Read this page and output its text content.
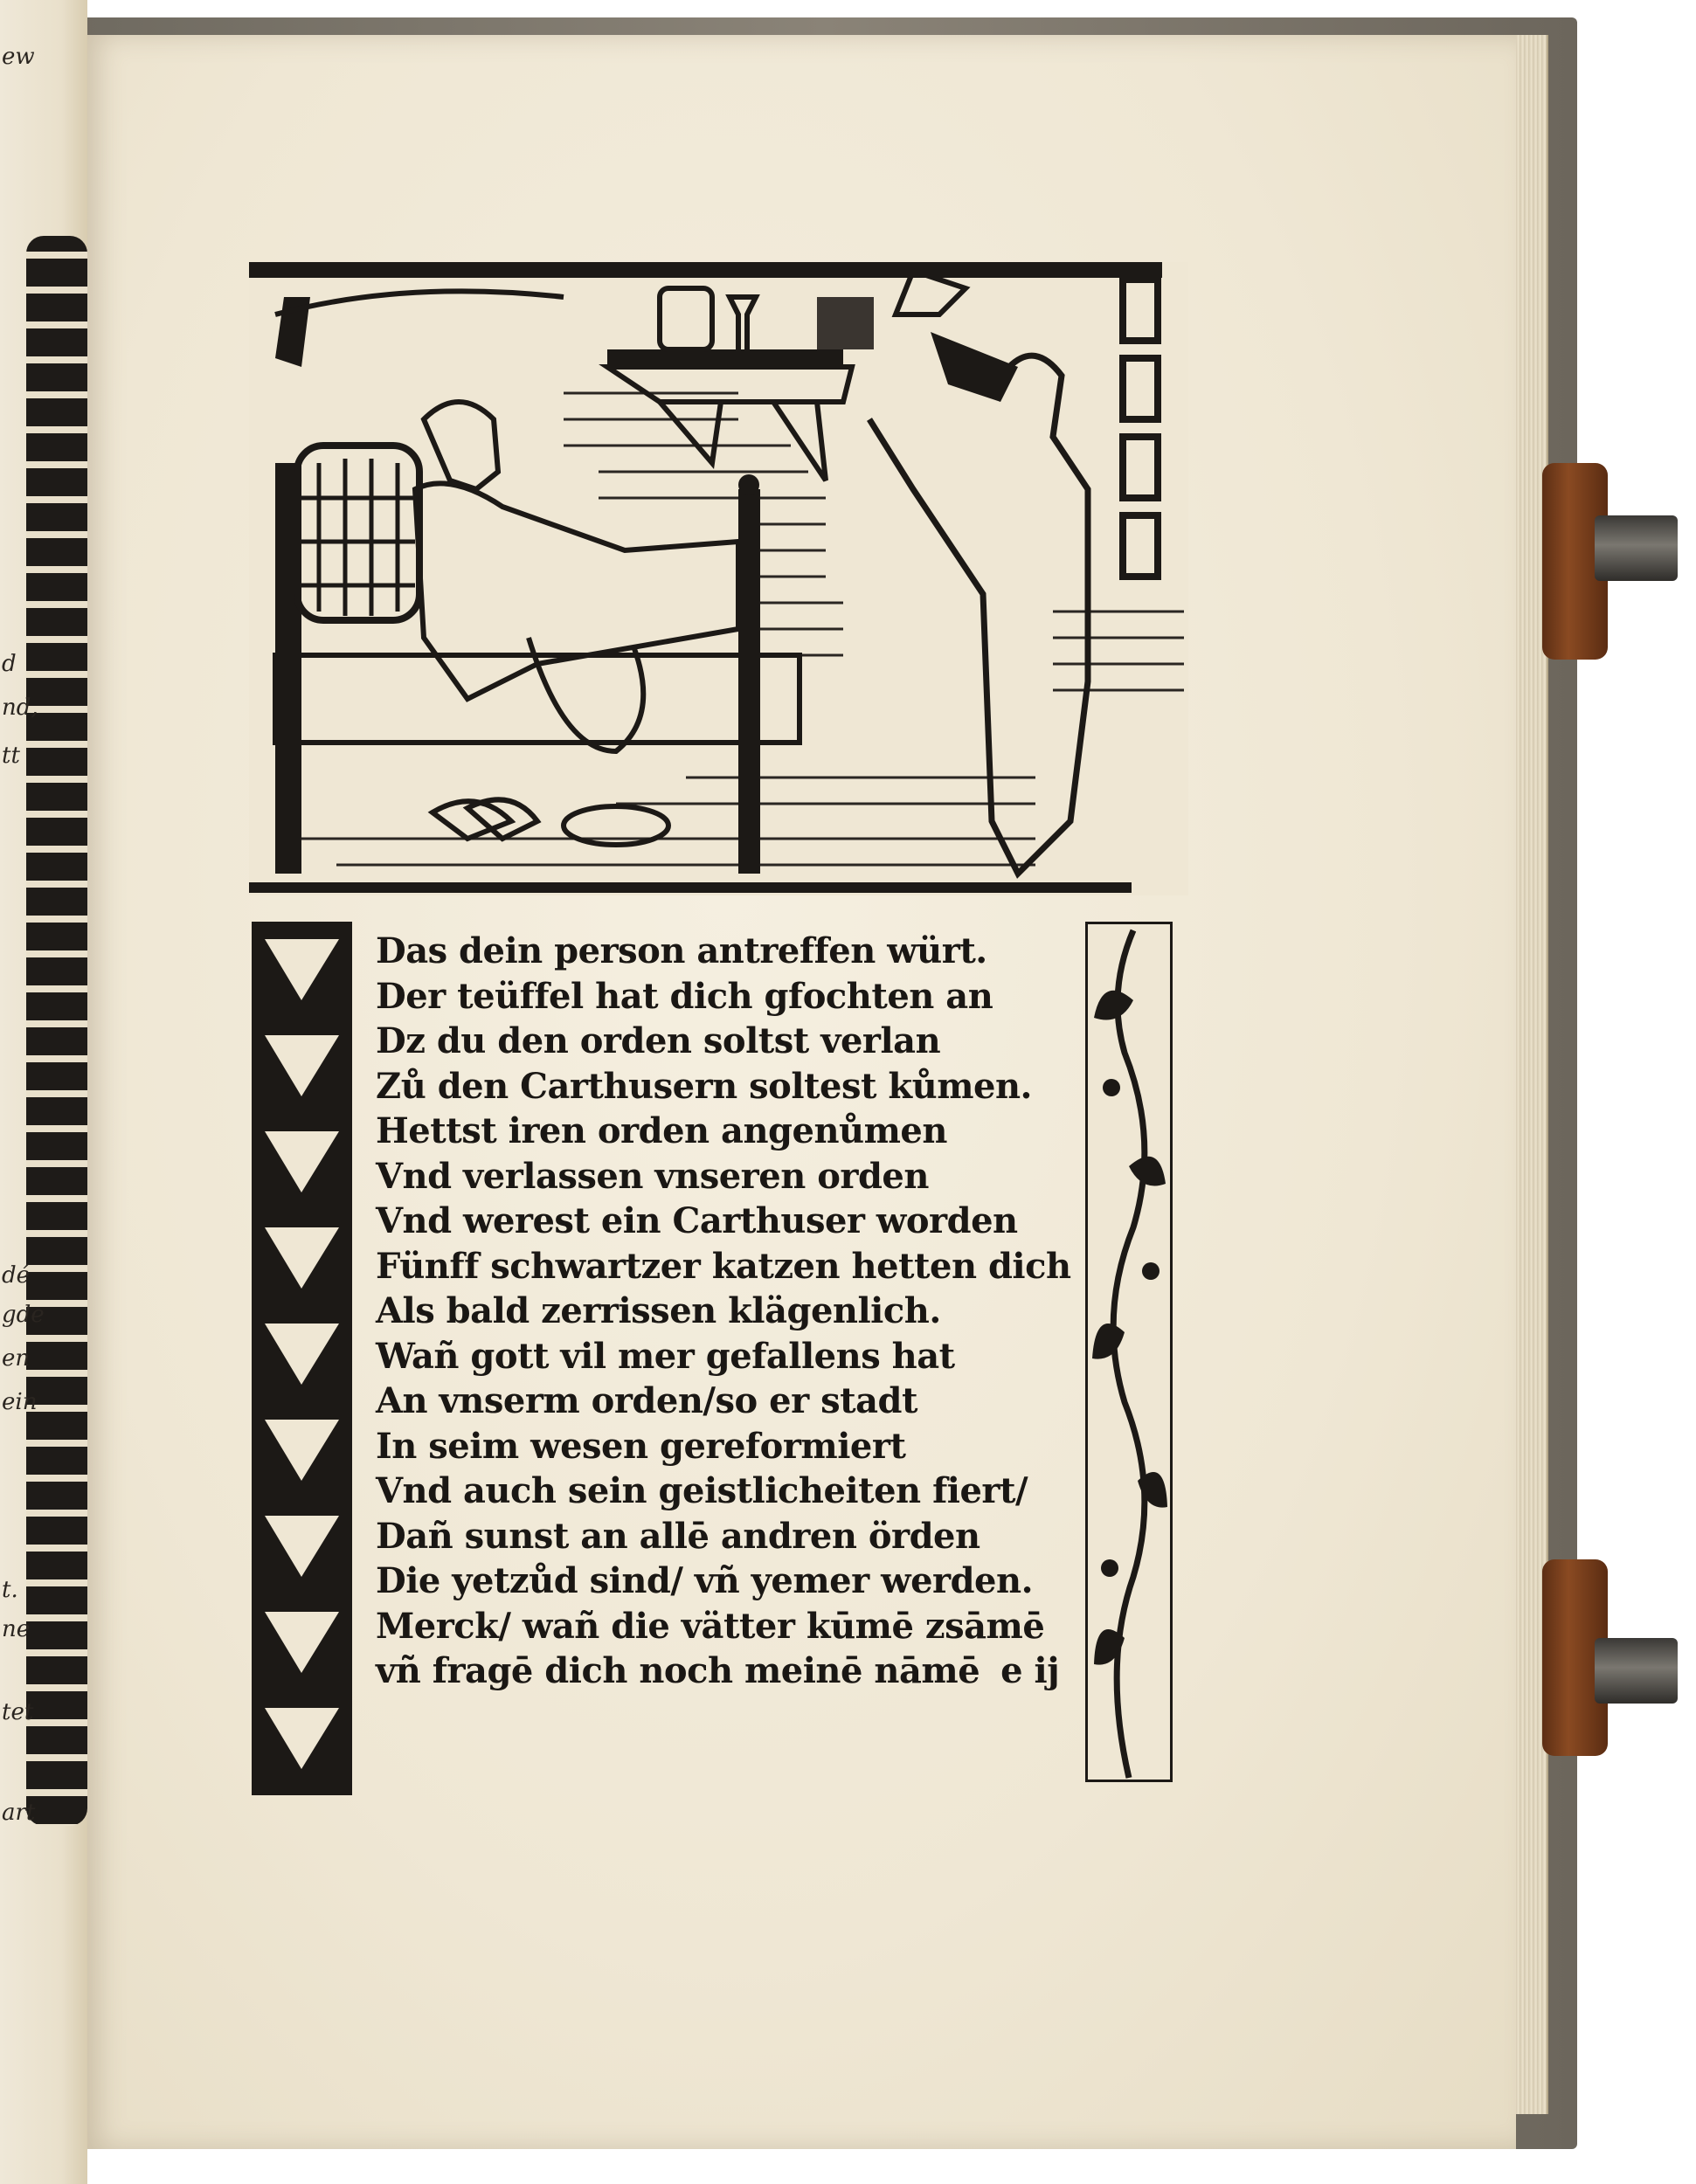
ew
d
nd,
tt
dé
gde
en
ein
t.
ne
tet
art
Das dein person antreffen würt.
Der teüffel hat dich gfochten an
Dz du den orden soltst verlan
Zů den Carthusern soltest kůmen.
Hettst iren orden angenůmen
Vnd verlassen vnseren orden
Vnd werest ein Carthuser worden
Fünff schwartzer katzen hetten dich
Als bald zerrissen klägenlich.
Wañ gott vil mer gefallens hat
An vnserm orden/so er stadt
In seim wesen gereformiert
Vnd auch sein geistlicheiten fiert/
Dañ sunst an allē andren örden
Die yetzůd sind/ vñ yemer werden.
Merck/ wañ die vätter kūmē zsāmē
vñ fragē dich noch meinē nāmē e ij
